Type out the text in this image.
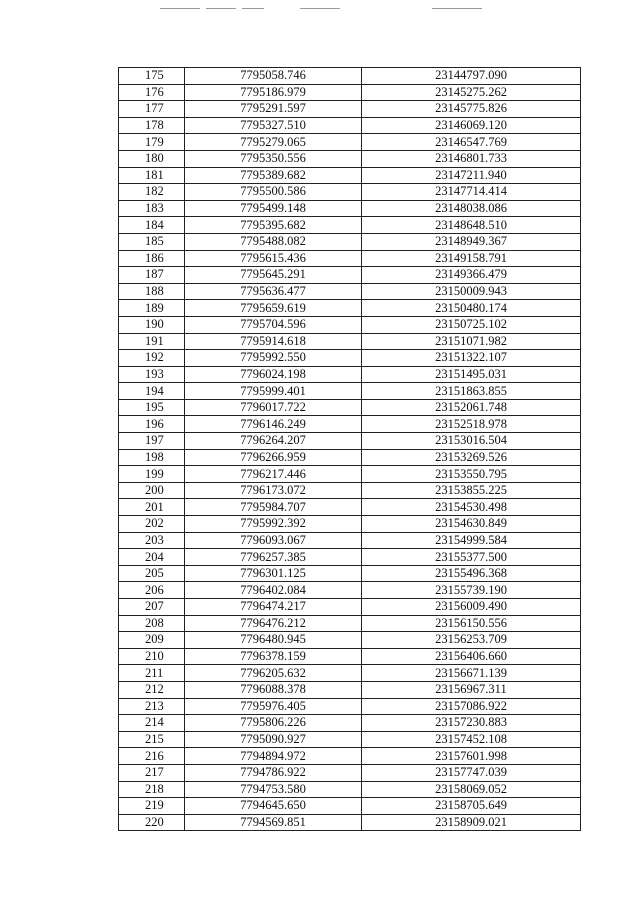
175	7795058.746	23144797.090
176	7795186.979	23145275.262
177	7795291.597	23145775.826
178	7795327.510	23146069.120
179	7795279.065	23146547.769
180	7795350.556	23146801.733
181	7795389.682	23147211.940
182	7795500.586	23147714.414
183	7795499.148	23148038.086
184	7795395.682	23148648.510
185	7795488.082	23148949.367
186	7795615.436	23149158.791
187	7795645.291	23149366.479
188	7795636.477	23150009.943
189	7795659.619	23150480.174
190	7795704.596	23150725.102
191	7795914.618	23151071.982
192	7795992.550	23151322.107
193	7796024.198	23151495.031
194	7795999.401	23151863.855
195	7796017.722	23152061.748
196	7796146.249	23152518.978
197	7796264.207	23153016.504
198	7796266.959	23153269.526
199	7796217.446	23153550.795
200	7796173.072	23153855.225
201	7795984.707	23154530.498
202	7795992.392	23154630.849
203	7796093.067	23154999.584
204	7796257.385	23155377.500
205	7796301.125	23155496.368
206	7796402.084	23155739.190
207	7796474.217	23156009.490
208	7796476.212	23156150.556
209	7796480.945	23156253.709
210	7796378.159	23156406.660
211	7796205.632	23156671.139
212	7796088.378	23156967.311
213	7795976.405	23157086.922
214	7795806.226	23157230.883
215	7795090.927	23157452.108
216	7794894.972	23157601.998
217	7794786.922	23157747.039
218	7794753.580	23158069.052
219	7794645.650	23158705.649
220	7794569.851	23158909.021
